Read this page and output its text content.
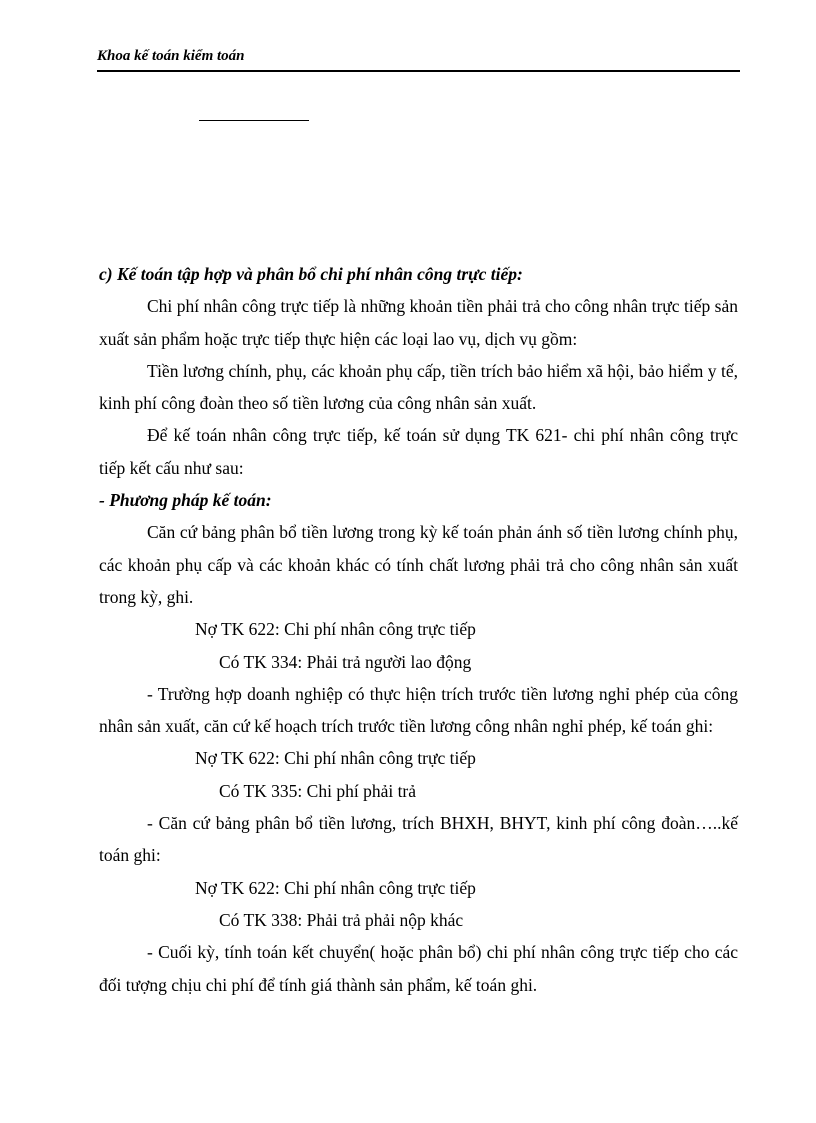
Khoa kế toán kiểm toán

c) Kế toán tập hợp và phân bổ chi phí nhân công trực tiếp:

Chi phí nhân công trực tiếp là những khoản tiền phải trả cho công nhân trực tiếp sản xuất sản phẩm hoặc trực tiếp thực hiện các loại lao vụ, dịch vụ gồm:

Tiền lương chính, phụ, các khoản phụ cấp, tiền trích bảo hiểm xã hội, bảo hiểm y tế, kinh phí công đoàn theo số tiền lương của công nhân sản xuất.

Để kế toán nhân công trực tiếp, kế toán sử dụng TK 621- chi phí nhân công trực tiếp kết cấu như sau:

- Phương pháp kế toán:

Căn cứ bảng phân bổ tiền lương trong kỳ kế toán phản ánh số tiền lương chính phụ, các khoản phụ cấp và các khoản khác có tính chất lương phải trả cho công nhân sản xuất trong kỳ, ghi.

Nợ TK 622: Chi phí nhân công trực tiếp

Có TK 334: Phải trả người lao động

- Trường hợp doanh nghiệp có thực hiện trích trước tiền lương nghỉ phép của công nhân sản xuất, căn cứ kế hoạch trích trước tiền lương công nhân nghỉ phép, kế toán ghi:

Nợ TK 622: Chi phí nhân công trực tiếp

Có TK 335: Chi phí phải trả

- Căn cứ bảng phân bổ tiền lương, trích BHXH, BHYT, kinh phí công đoàn…..kế toán ghi:

Nợ TK 622: Chi phí nhân công trực tiếp

Có TK 338: Phải trả phải nộp khác

- Cuối kỳ, tính toán kết chuyển( hoặc phân bổ) chi phí nhân công trực tiếp cho các đối tượng chịu chi phí để tính giá thành sản phẩm, kế toán ghi.
